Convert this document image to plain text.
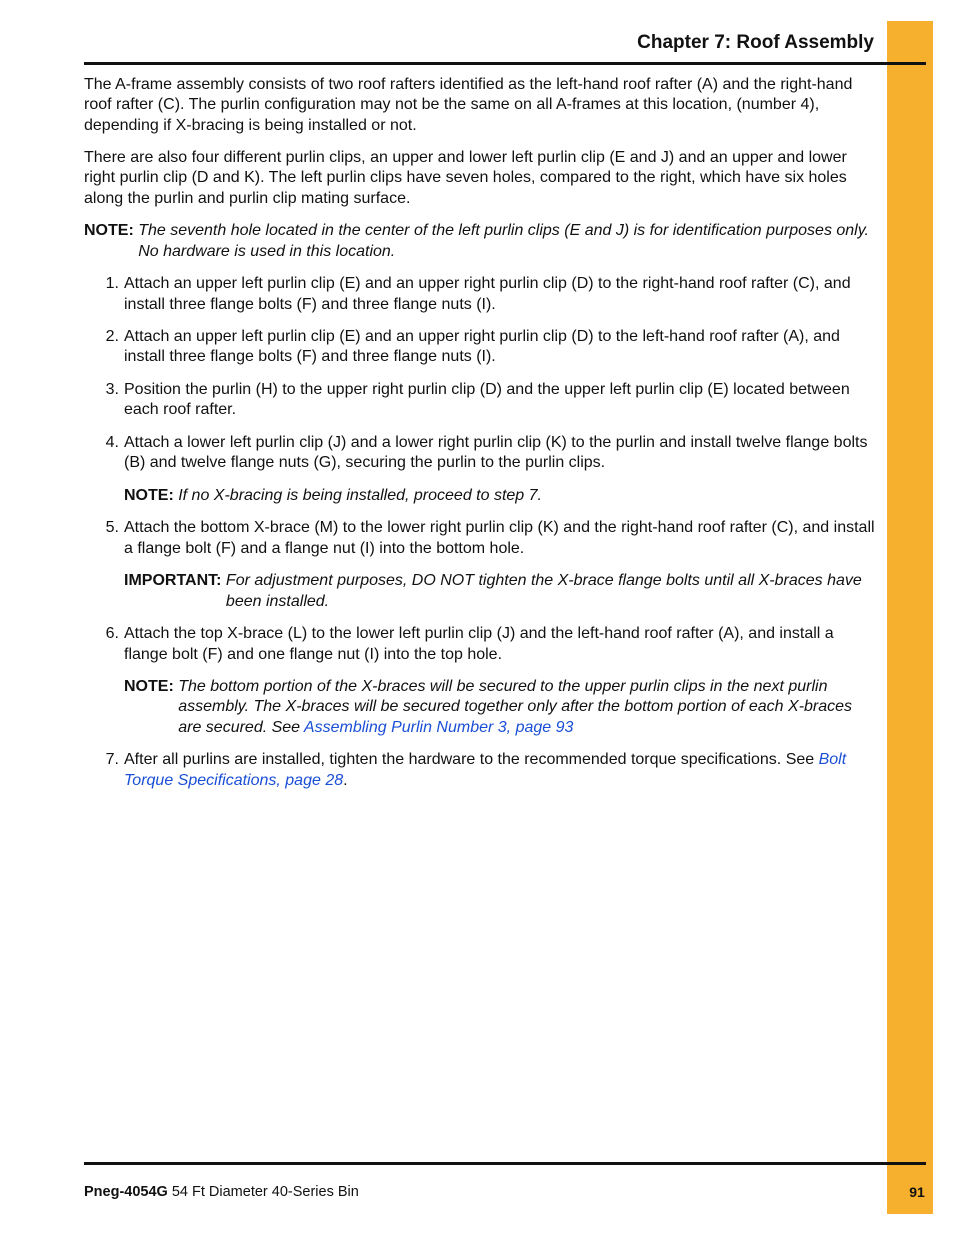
Chapter 7: Roof Assembly

The A-frame assembly consists of two roof rafters identified as the left-hand roof rafter (A) and the right-hand roof rafter (C). The purlin configuration may not be the same on all A-frames at this location, (number 4), depending if X-bracing is being installed or not.

There are also four different purlin clips, an upper and lower left purlin clip (E and J) and an upper and lower right purlin clip (D and K). The left purlin clips have seven holes, compared to the right, which have six holes along the purlin and purlin clip mating surface.

NOTE: The seventh hole located in the center of the left purlin clips (E and J) is for identification purposes only. No hardware is used in this location.
1. Attach an upper left purlin clip (E) and an upper right purlin clip (D) to the right-hand roof rafter (C), and install three flange bolts (F) and three flange nuts (I).
2. Attach an upper left purlin clip (E) and an upper right purlin clip (D) to the left-hand roof rafter (A), and install three flange bolts (F) and three flange nuts (I).
3. Position the purlin (H) to the upper right purlin clip (D) and the upper left purlin clip (E) located between each roof rafter.
4. Attach a lower left purlin clip (J) and a lower right purlin clip (K) to the purlin and install twelve flange bolts (B) and twelve flange nuts (G), securing the purlin to the purlin clips.
NOTE: If no X-bracing is being installed, proceed to step 7.
5. Attach the bottom X-brace (M) to the lower right purlin clip (K) and the right-hand roof rafter (C), and install a flange bolt (F) and a flange nut (I) into the bottom hole.
IMPORTANT: For adjustment purposes, DO NOT tighten the X-brace flange bolts until all X-braces have been installed.
6. Attach the top X-brace (L) to the lower left purlin clip (J) and the left-hand roof rafter (A), and install a flange bolt (F) and one flange nut (I) into the top hole.
NOTE: The bottom portion of the X-braces will be secured to the upper purlin clips in the next purlin assembly. The X-braces will be secured together only after the bottom portion of each X-braces are secured. See Assembling Purlin Number 3, page 93
7. After all purlins are installed, tighten the hardware to the recommended torque specifications. See Bolt Torque Specifications, page 28.
Pneg-4054G 54 Ft Diameter 40-Series Bin	91
